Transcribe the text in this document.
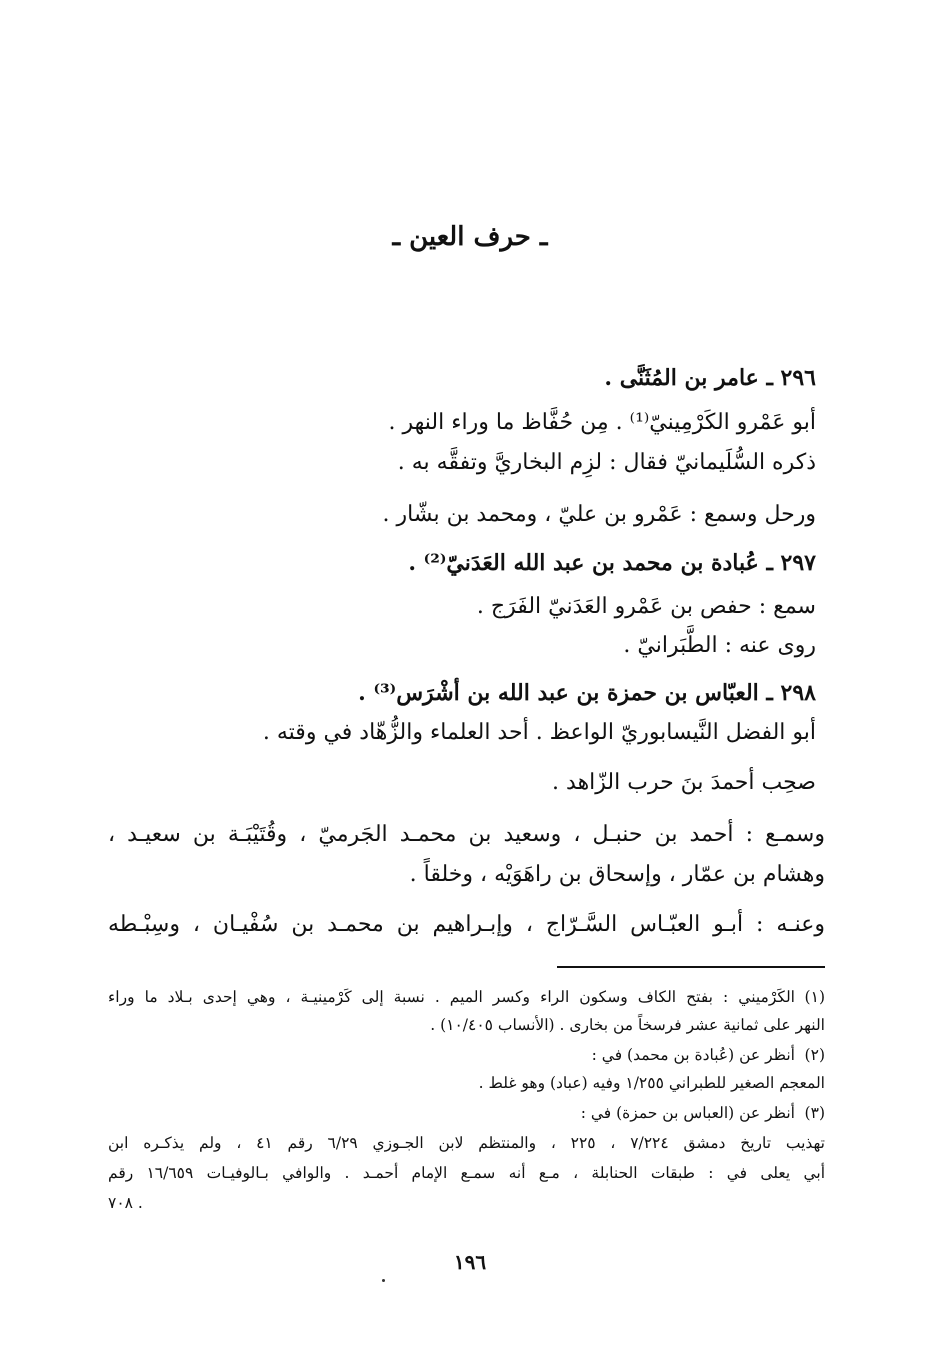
ـ حرف العين ـ
٢٩٦ ـ عامر بن المُثَنَّى .
أبو عَمْرو الكَرْمِينيّ⁽¹⁾ . مِن حُفَّاظ ما وراء النهر .
ذكره السُّلَيمانيّ فقال : لزِم البخاريَّ وتفقَّه به .
ورحل وسمع : عَمْرو بن عليّ ، ومحمد بن بشّار .
٢٩٧ ـ عُبادة بن محمد بن عبد الله العَدَنيّ⁽²⁾ .
سمع : حفص بن عَمْرو العَدَنيّ الفَرَج .
روى عنه : الطَّبَرانيّ .
٢٩٨ ـ العبّاس بن حمزة بن عبد الله بن أشْرَس⁽³⁾ .
أبو الفضل النَّيسابوريّ الواعظ . أحد العلماء والزُّهّاد في وقته .
صحِب أحمدَ بنَ حرب الزّاهد .
وسمـع : أحمد بن حنبـل ، وسعيد بن محمـد الجَرميّ ، وقُتَيْبَـة بن سعيـد ،
وهشام بن عمّار ، وإسحاق بن راهَوَيْه ، وخلقاً .
وعنـه : أبـو العبّـاس السَّـرّاج ، وإبـراهيم بن محمـد بن سُفْيـان ، وسِبْـطه
(١)الكَرْميني : بفتح الكاف وسكون الراء وكسر الميم . نسبة إلى كَرْمينيـة ، وهي إحدى بـلاد ما وراء
النهر على ثمانية عشر فرسخاً من بخارى . (الأنساب ١٠/٤٠٥) .
(٢)أنظر عن (عُبادة بن محمد) في :
المعجم الصغير للطبراني ١/٢٥٥ وفيه (عباد) وهو غلط .
(٣)أنظر عن (العباس بن حمزة) في :
تهذيب تاريخ دمشق ٧/٢٢٤ ، ٢٢٥ ، والمنتظم لابن الجـوزي ٦/٢٩ رقم ٤١ ، ولم يذكـره ابن
أبي يعلى في : طبقات الحنابلة ، مـع أنه سمـع الإمام أحمـد . والوافي بـالوفيـات ١٦/٦٥٩ رقم
٧٠٨ .
١٩٦
